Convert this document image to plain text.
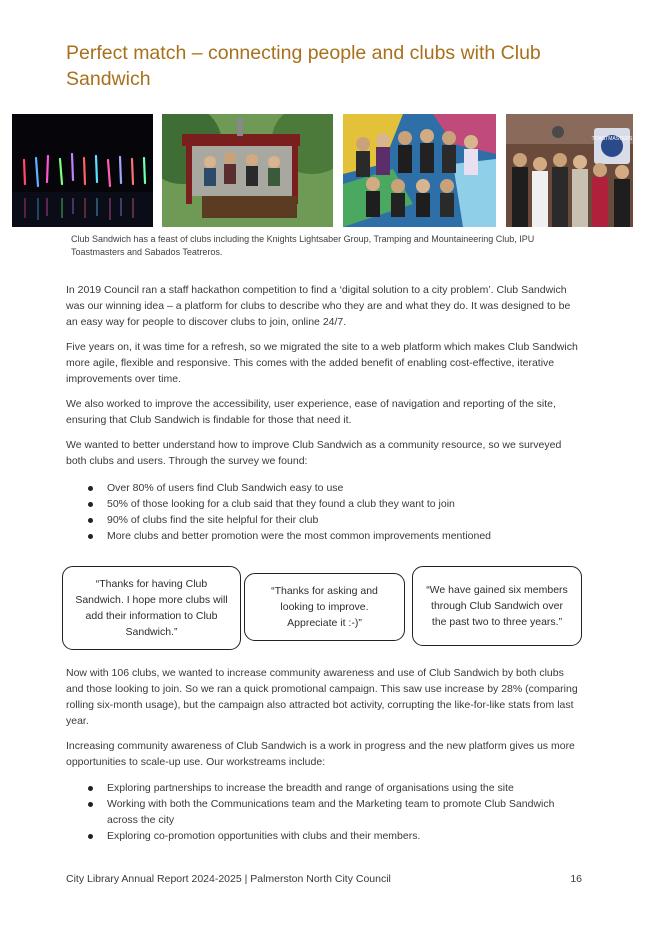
Perfect match – connecting people and clubs with Club Sandwich
TOASTMASTERS

Club Sandwich has a feast of clubs including the Knights Lightsaber Group, Tramping and Mountaineering Club, IPU Toastmasters and Sabados Teatreros.

In 2019 Council ran a staff hackathon competition to find a ‘digital solution to a city problem’. Club Sandwich was our winning idea – a platform for clubs to describe who they are and what they do. It was designed to be an easy way for people to discover clubs to join, online 24/7.

Five years on, it was time for a refresh, so we migrated the site to a web platform which makes Club Sandwich more agile, flexible and responsive. This comes with the added benefit of enabling cost-effective, iterative improvements over time.

We also worked to improve the accessibility, user experience, ease of navigation and reporting of the site, ensuring that Club Sandwich is findable for those that need it.

We wanted to better understand how to improve Club Sandwich as a community resource, so we surveyed both clubs and users. Through the survey we found:

Over 80% of users find Club Sandwich easy to use
50% of those looking for a club said that they found a club they want to join
90% of clubs find the site helpful for their club
More clubs and better promotion were the most common improvements mentioned
“Thanks for having Club Sandwich. I hope more clubs will add their information to Club Sandwich.”
“Thanks for asking and looking to improve. Appreciate it :-)”
“We have gained six members through Club Sandwich over the past two to three years.”

Now with 106 clubs, we wanted to increase community awareness and use of Club Sandwich by both clubs and those looking to join. So we ran a quick promotional campaign. This saw use increase by 28% (comparing rolling six-month usage), but the campaign also attracted bot activity, corrupting the like-for-like stats from last year.

Increasing community awareness of Club Sandwich is a work in progress and the new platform gives us more opportunities to scale-up use. Our workstreams include:

Exploring partnerships to increase the breadth and range of organisations using the site
Working with both the Communications team and the Marketing team to promote Club Sandwich across the city
Exploring co-promotion opportunities with clubs and their members.
City Library Annual Report 2024-2025 | Palmerston North City Council	16
